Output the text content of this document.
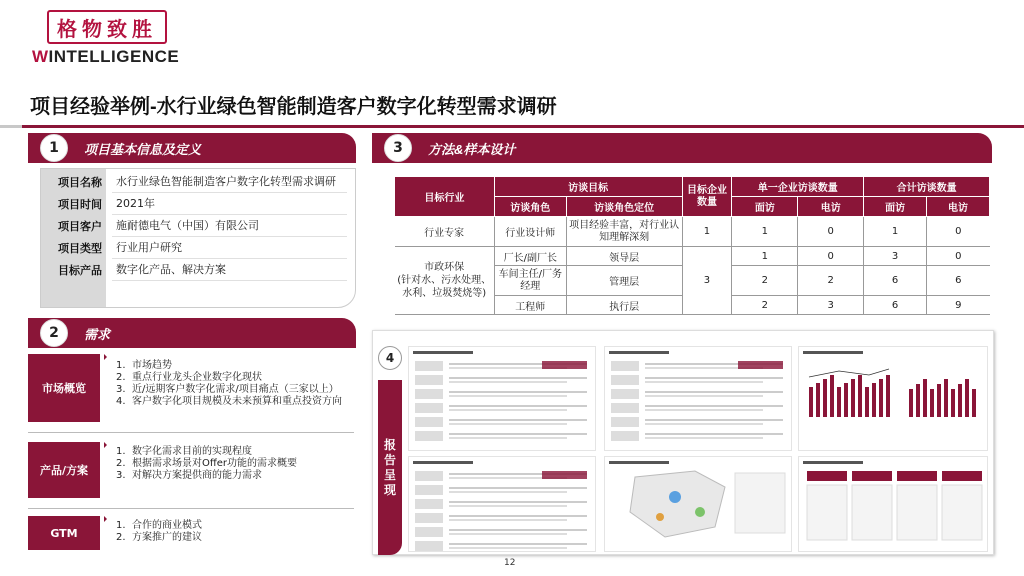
格物致胜
WINTELLIGENCE
项目经验举例-水行业绿色智能制造客户数字化转型需求调研
1	项目基本信息及定义
项目名称	水行业绿色智能制造客户数字化转型需求调研
项目时间	2021年
项目客户	施耐德电气（中国）有限公司
项目类型	行业用户研究
目标产品	数字化产品、解决方案
2	需求
市场概览
1. 市场趋势
2. 重点行业龙头企业数字化现状
3. 近/远期客户数字化需求/项目痛点（三家以上）
4. 客户数字化项目规模及未来预算和重点投资方向
产品/方案
1. 数字化需求目前的实现程度
2. 根据需求场景对Offer功能的需求概要
3. 对解决方案提供商的能力需求
GTM
1. 合作的商业模式
2. 方案推广的建议
3	方法&样本设计
目标行业	访谈目标		目标企业数量	单一企业访谈数量		合计访谈数量	
	访谈角色	访谈角色定位		面访	电访	面访	电访
行业专家	行业设计师	项目经验丰富，对行业认知理解深刻	1	1	0	1	0
市政环保
(针对水、污水处理、水利、垃圾焚烧等)	厂长/副厂长	领导层	3	1	0	3	0
	车间主任/厂务经理	管理层		2	2	6	6
	工程师	执行层		2	3	6	9
4
报
告
呈
现
12
